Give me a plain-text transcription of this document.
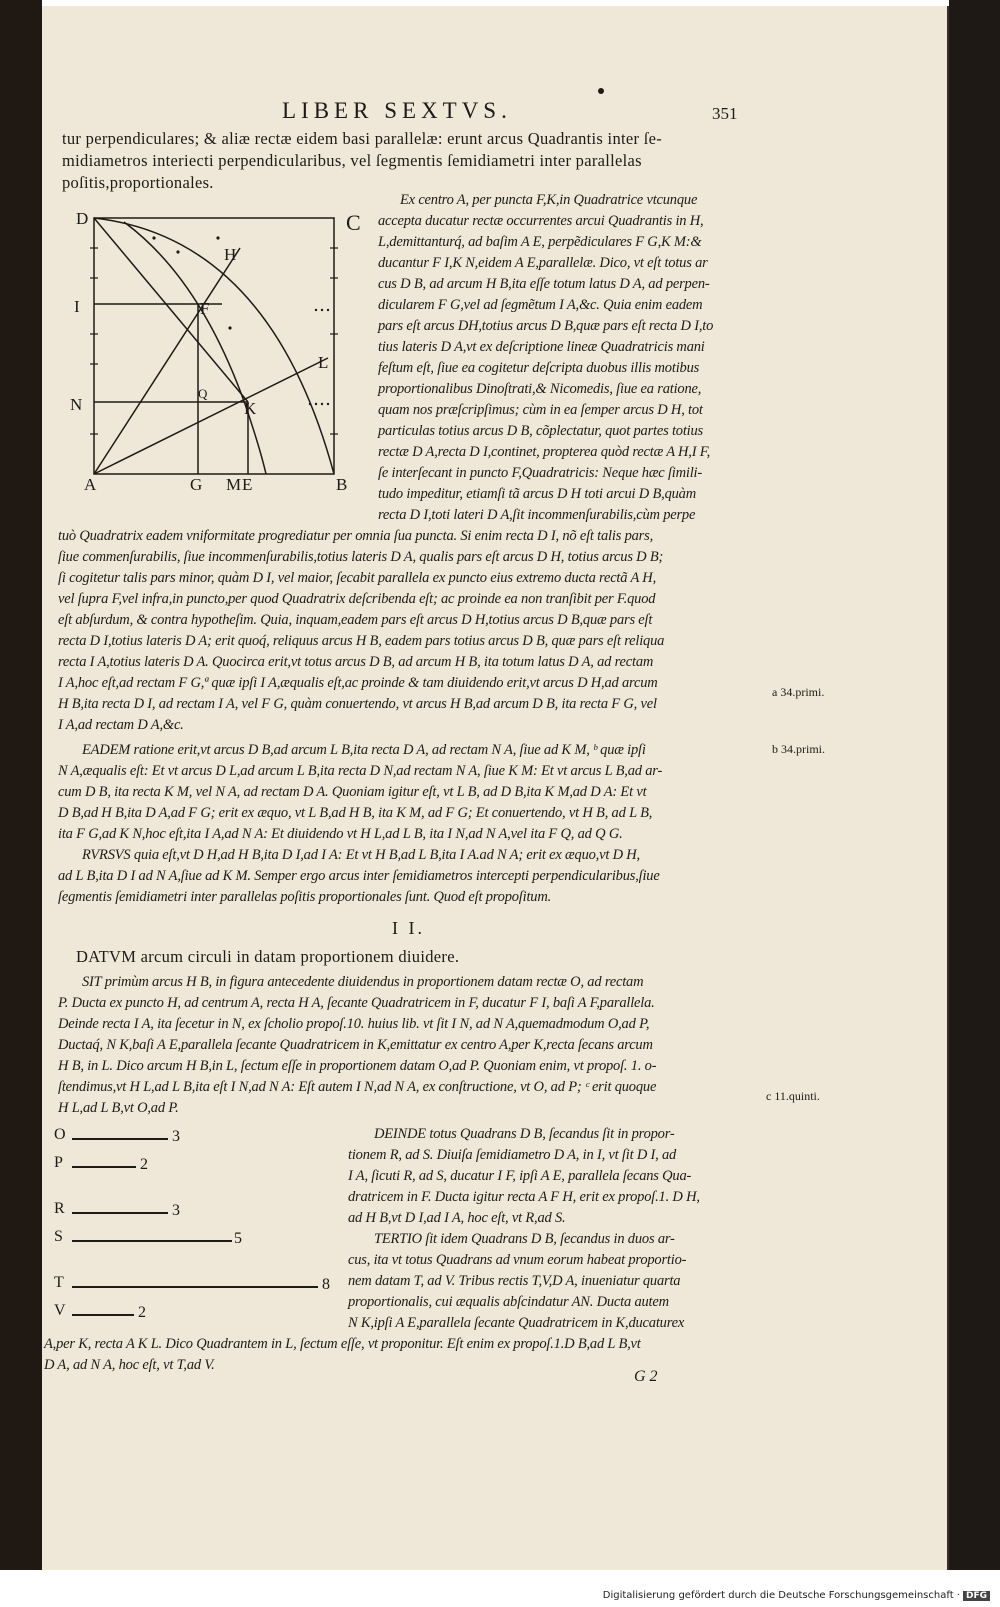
LIBER SEXTVS.	351
tur perpendiculares; & aliæ rectæ eidem basi parallelæ: erunt arcus Quadrantis inter ſe-
midiametros interiecti perpendicularibus, vel ſegmentis ſemidiametri inter parallelas
poſitis,proportionales.
D	C
I
N
A	B
G M E
H
F
L
K
Q
Ex centro A, per puncta F,K,in Quadratrice vtcunque
accepta ducatur rectæ occurrentes arcui Quadrantis in H,
L,demittanturq́, ad baſim A E, perpẽdiculares F G,K M:&
ducantur F I,K N,eidem A E,parallelæ. Dico, vt eſt totus ar
cus D B, ad arcum H B,ita eſſe totum latus D A, ad perpen-
dicularem F G,vel ad ſegmẽtum I A,&c. Quia enim eadem
pars eſt arcus DH,totius arcus D B,quæ pars eſt recta D I,to
tius lateris D A,vt ex deſcriptione lineæ Quadratricis mani
feſtum eſt, ſiue ea cogitetur deſcripta duobus illis motibus
proportionalibus Dinoſtrati,& Nicomedis, ſiue ea ratione,
quam nos præſcripſimus; cùm in ea ſemper arcus D H, tot
particulas totius arcus D B, cõplectatur, quot partes totius
rectæ D A,recta D I,continet, propterea quòd rectæ A H,I F,
ſe interſecant in puncto F,Quadratricis: Neque hæc ſimili-
tudo impeditur, etiamſi tã arcus D H toti arcui D B,quàm
recta D I,toti lateri D A,ſit incommenſurabilis,cùm perpe
tuò Quadratrix eadem vniformitate progrediatur per omnia ſua puncta. Si enim recta D I, nõ eſt talis pars,
ſiue commenſurabilis, ſiue incommenſurabilis,totius lateris D A, qualis pars eſt arcus D H, totius arcus D B;
ſi cogitetur talis pars minor, quàm D I, vel maior, ſecabit parallela ex puncto eius extremo ducta rectã A H,
vel ſupra F,vel infra,in puncto,per quod Quadratrix deſcribenda eſt; ac proinde ea non tranſibit per F.quod
eſt abſurdum, & contra hypotheſim. Quia, inquam,eadem pars eſt arcus D H,totius arcus D B,quæ pars eſt
recta D I,totius lateris D A; erit quoq́, reliquus arcus H B, eadem pars totius arcus D B, quæ pars eſt reliqua
recta I A,totius lateris D A. Quocirca erit,vt totus arcus D B, ad arcum H B, ita totum latus D A, ad rectam
I A,hoc eſt,ad rectam F G,ª quæ ipſi I A,æqualis eſt,ac proinde & tam diuidendo erit,vt arcus D H,ad arcum
H B,ita recta D I, ad rectam I A, vel F G, quàm conuertendo, vt arcus H B,ad arcum D B, ita recta F G, vel
I A,ad rectam D A,&c.
a 34.primi.
EADEM ratione erit,vt arcus D B,ad arcum L B,ita recta D A, ad rectam N A, ſiue ad K M, ᵇ quæ ipſi
N A,æqualis eſt: Et vt arcus D L,ad arcum L B,ita recta D N,ad rectam N A, ſiue K M: Et vt arcus L B,ad ar-
cum D B, ita recta K M, vel N A, ad rectam D A. Quoniam igitur eſt, vt L B, ad D B,ita K M,ad D A: Et vt
D B,ad H B,ita D A,ad F G; erit ex æquo, vt L B,ad H B, ita K M, ad F G; Et conuertendo, vt H B, ad L B,
ita F G,ad K N,hoc eſt,ita I A,ad N A: Et diuidendo vt H L,ad L B, ita I N,ad N A,vel ita F Q, ad Q G.
RVRSVS quia eſt,vt D H,ad H B,ita D I,ad I A: Et vt H B,ad L B,ita I A.ad N A; erit ex æquo,vt D H,
ad L B,ita D I ad N A,ſiue ad K M. Semper ergo arcus inter ſemidiametros intercepti perpendicularibus,ſiue
ſegmentis ſemidiametri inter parallelas poſitis proportionales ſunt. Quod eſt propoſitum.
b 34.primi.
I I.
DATVM arcum circuli in datam proportionem diuidere.
SIT primùm arcus H B, in figura antecedente diuidendus in proportionem datam rectæ O, ad rectam
P. Ducta ex puncto H, ad centrum A, recta H A, ſecante Quadratricem in F, ducatur F I, baſi A F,parallela.
Deinde recta I A, ita ſecetur in N, ex ſcholio propoſ.10. huius lib. vt ſit I N, ad N A,quemadmodum O,ad P,
Ductaq́, N K,baſi A E,parallela ſecante Quadratricem in K,emittatur ex centro A,per K,recta ſecans arcum
H B, in L. Dico arcum H B,in L, ſectum eſſe in proportionem datam O,ad P. Quoniam enim, vt propoſ. 1. o-
ſtendimus,vt H L,ad L B,ita eſt I N,ad N A: Eſt autem I N,ad N A, ex conſtructione, vt O, ad P; ᶜ erit quoque
H L,ad L B,vt O,ad P.
c 11.quinti.
O	3
P	2
R	3
S	5
T	8
V	2
DEINDE totus Quadrans D B, ſecandus ſit in propor-
tionem R, ad S. Diuiſa ſemidiametro D A, in I, vt ſit D I, ad
I A, ſicuti R, ad S, ducatur I F, ipſi A E, parallela ſecans Qua-
dratricem in F. Ducta igitur recta A F H, erit ex propoſ.1. D H,
ad H B,vt D I,ad I A, hoc eſt, vt R,ad S.
TERTIO ſit idem Quadrans D B, ſecandus in duos ar-
cus, ita vt totus Quadrans ad vnum eorum habeat proportio-
nem datam T, ad V. Tribus rectis T,V,D A, inueniatur quarta
proportionalis, cui æqualis abſcindatur AN. Ducta autem
N K,ipſi A E,parallela ſecante Quadratricem in K,ducaturex
A,per K, recta A K L. Dico Quadrantem in L, ſectum eſſe, vt proponitur. Eſt enim ex propoſ.1.D B,ad L B,vt
D A, ad N A, hoc eſt, vt T,ad V.
G 2
Digitalisierung gefördert durch die Deutsche Forschungsgemeinschaft · DFG
